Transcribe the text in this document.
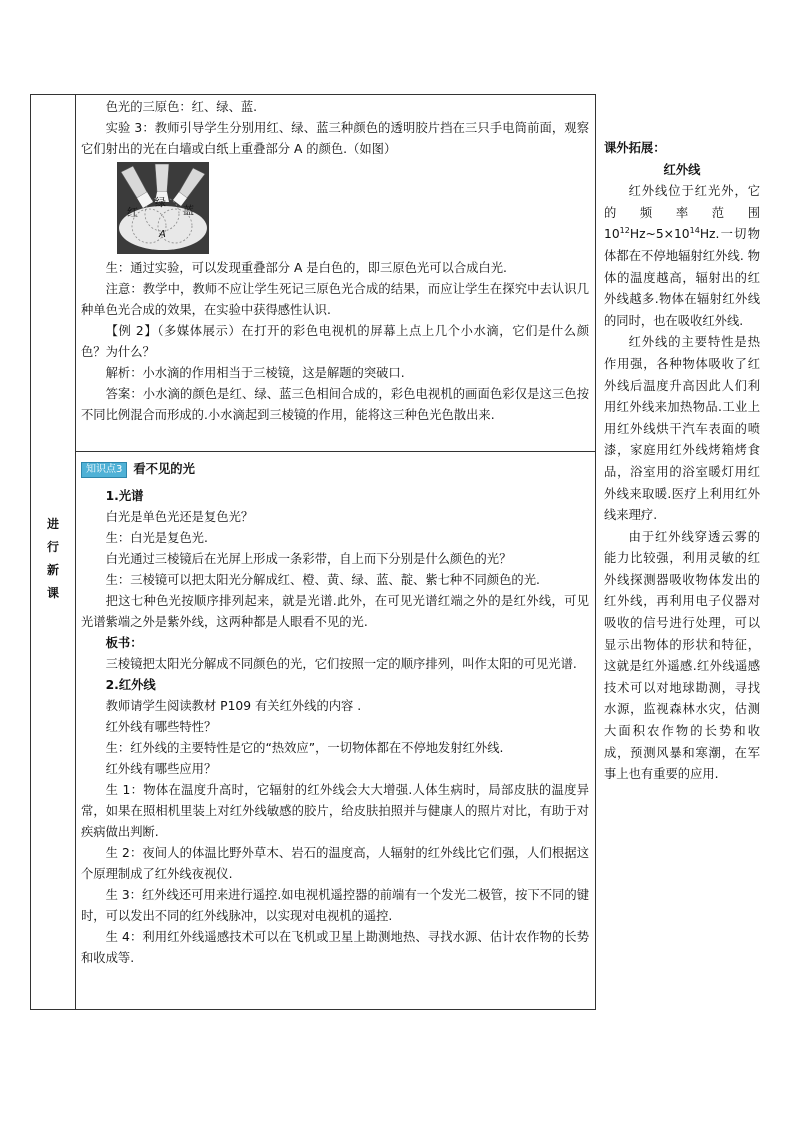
进
行
新
课

色光的三原色：红、绿、蓝.

实验 3：教师引导学生分别用红、绿、蓝三种颜色的透明胶片挡在三只手电筒前面，观察它们射出的光在白墙或白纸上重叠部分 A 的颜色.（如图）

红
绿
蓝
A

生：通过实验，可以发现重叠部分 A 是白色的，即三原色光可以合成白光.

注意：教学中，教师不应让学生死记三原色光合成的结果，而应让学生在探究中去认识几种单色光合成的效果，在实验中获得感性认识.

【例 2】（多媒体展示）在打开的彩色电视机的屏幕上点上几个小水滴，它们是什么颜色？为什么？

解析：小水滴的作用相当于三棱镜，这是解题的突破口.

答案：小水滴的颜色是红、绿、蓝三色相间合成的，彩色电视机的画面色彩仅是这三色按不同比例混合而形成的.小水滴起到三棱镜的作用，能将这三种色光色散出来.

知识点3 看不见的光

1.光谱

白光是单色光还是复色光？

生：白光是复色光.

白光通过三棱镜后在光屏上形成一条彩带，自上而下分别是什么颜色的光？

生：三棱镜可以把太阳光分解成红、橙、黄、绿、蓝、靛、紫七种不同颜色的光.

把这七种色光按顺序排列起来，就是光谱.此外，在可见光谱红端之外的是红外线，可见光谱紫端之外是紫外线，这两种都是人眼看不见的光.

板书：

三棱镜把太阳光分解成不同颜色的光，它们按照一定的顺序排列，叫作太阳的可见光谱.

2.红外线

教师请学生阅读教材 P109 有关红外线的内容 .

红外线有哪些特性？

生：红外线的主要特性是它的“热效应”，一切物体都在不停地发射红外线.

红外线有哪些应用？

生 1：物体在温度升高时，它辐射的红外线会大大增强.人体生病时，局部皮肤的温度异常，如果在照相机里装上对红外线敏感的胶片，给皮肤拍照并与健康人的照片对比，有助于对疾病做出判断.

生 2：夜间人的体温比野外草木、岩石的温度高，人辐射的红外线比它们强，人们根据这个原理制成了红外线夜视仪.

生 3：红外线还可用来进行遥控.如电视机遥控器的前端有一个发光二极管，按下不同的键时，可以发出不同的红外线脉冲，以实现对电视机的遥控.

生 4：利用红外线遥感技术可以在飞机或卫星上勘测地热、寻找水源、估计农作物的长势和收成等.

课外拓展：

红外线

红外线位于红光外，它的频率范围 $10^{12}Hz\sim 5\times 10^{14}Hz$.一切物体都在不停地辐射红外线. 物体的温度越高，辐射出的红外线越多.物体在辐射红外线的同时，也在吸收红外线.

红外线的主要特性是热作用强，各种物体吸收了红外线后温度升高因此人们利用红外线来加热物品.工业上用红外线烘干汽车表面的喷漆，家庭用红外线烤箱烤食品，浴室用的浴室暖灯用红外线来取暖.医疗上利用红外线来理疗.

由于红外线穿透云雾的能力比较强，利用灵敏的红外线探测器吸收物体发出的红外线，再利用电子仪器对吸收的信号进行处理，可以显示出物体的形状和特征，这就是红外遥感.红外线遥感技术可以对地球勘测，寻找水源，监视森林水灾，估测大面积农作物的长势和收成，预测风暴和寒潮，在军事上也有重要的应用.
